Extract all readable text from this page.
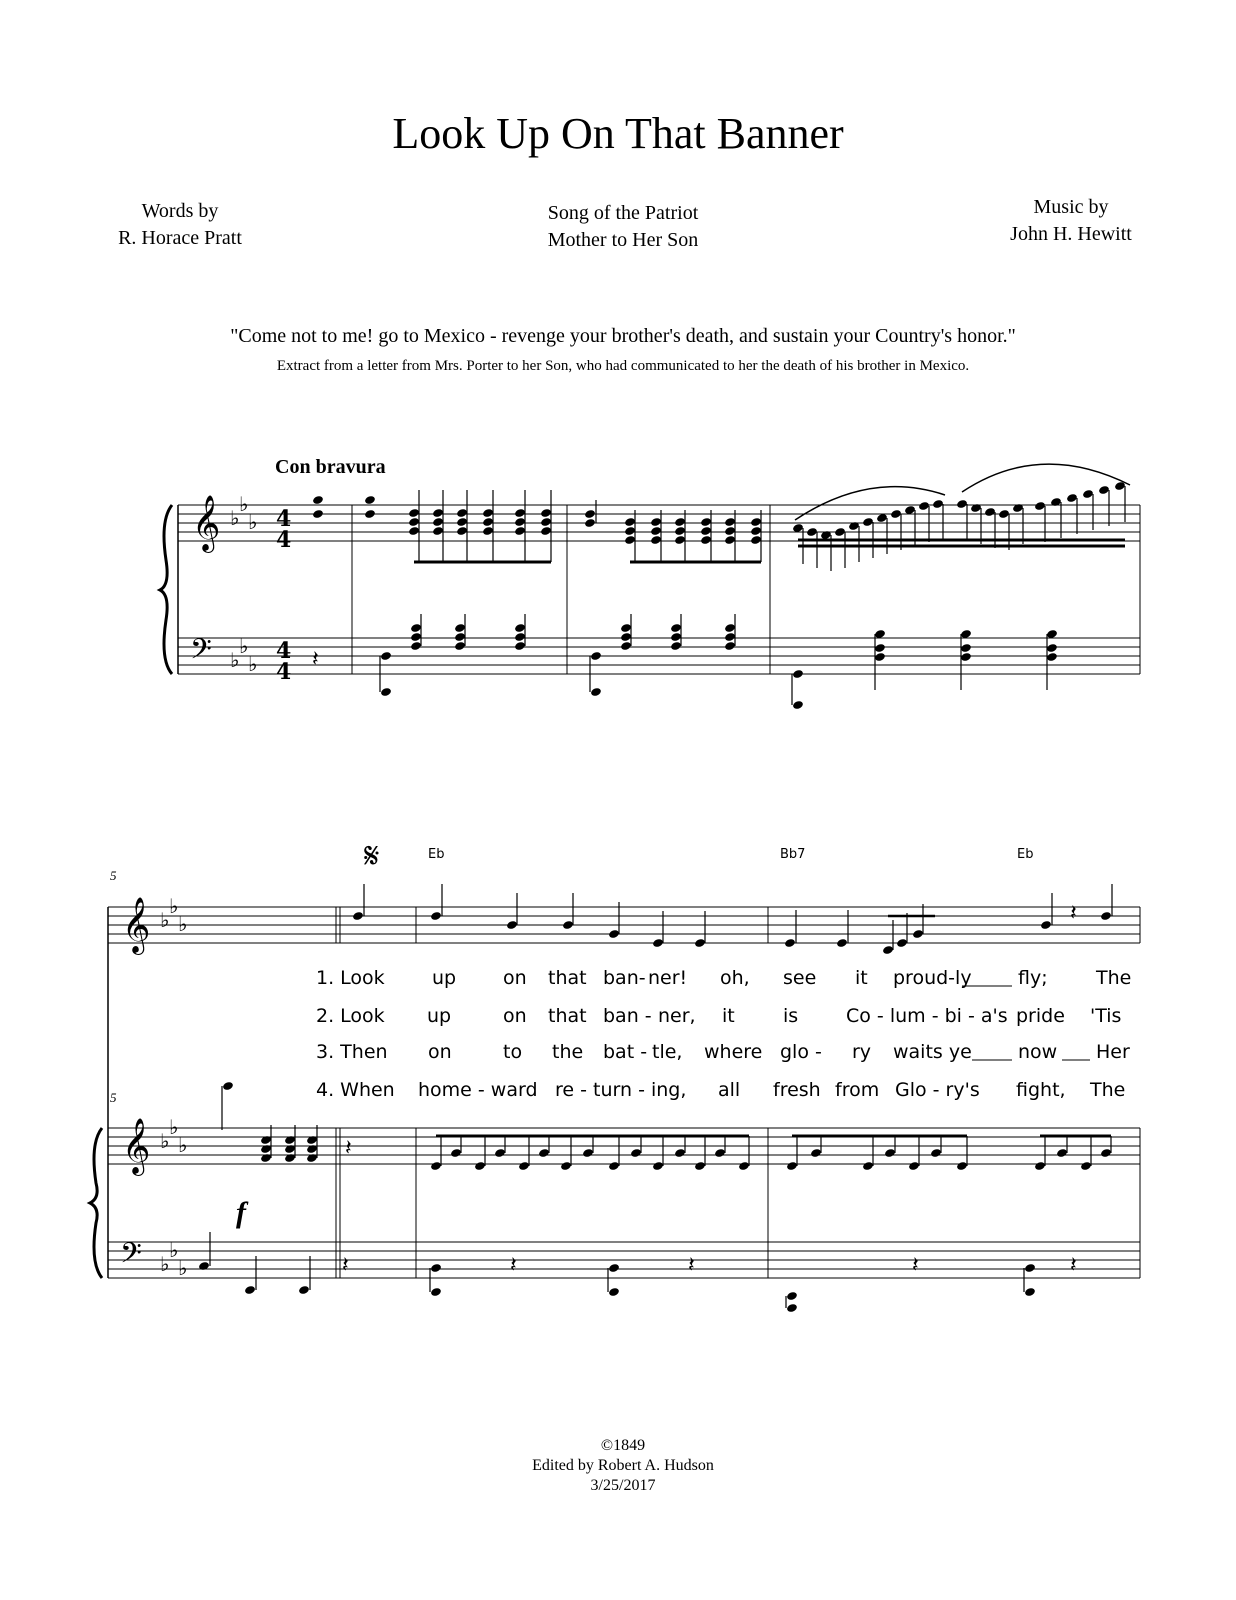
Look Up On That Banner
Words by
R. Horace Pratt
Song of the Patriot
Mother to Her Son
Music by
John H. Hewitt
"Come not to me! go to Mexico - revenge your brother's death, and sustain your Country's honor."
Extract from a letter from Mrs. Porter to her Son, who had communicated to her the death of his brother in Mexico.
Con bravura
𝄞
𝄢
𝄞
𝄞
𝄢
♭
♭
♭
♭
♭
♭
♭
♭
♭
♭
♭
♭
♭
♭
♭
𝄽
𝄽
𝄽
𝄽	𝄽	𝄽	𝄽	𝄽
4
4
4
4
5
5
𝄋
f
Eb	Bb7	Eb
1. Look up on that ban- ner! oh, see it proud-ly fly;	The
2. Look up	on that ban - ner, it	is	Co - lum - bi - a's pride 'Tis
3. Then on	to the bat - tle, where glo - ry waits ye now Her
4. When home - ward re - turn - ing, all fresh from Glo - ry's fight, The
©1849
Edited by Robert A. Hudson
3/25/2017
